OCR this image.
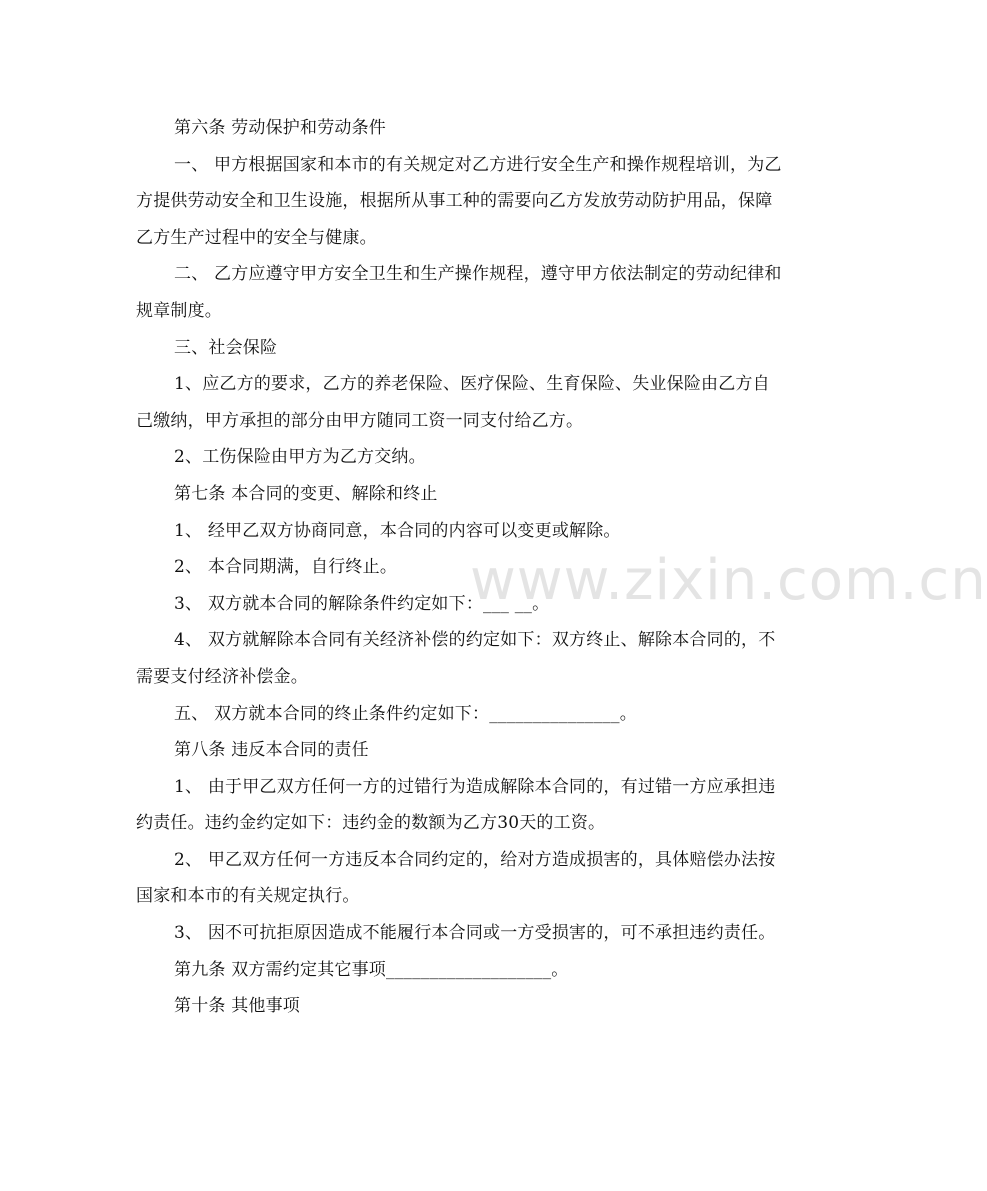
www.zixin.com.cn

第六条 劳动保护和劳动条件

一、 甲方根据国家和本市的有关规定对乙方进行安全生产和操作规程培训，为乙方提供劳动安全和卫生设施，根据所从事工种的需要向乙方发放劳动防护用品，保障乙方生产过程中的安全与健康。

二、 乙方应遵守甲方安全卫生和生产操作规程，遵守甲方依法制定的劳动纪律和规章制度。

三、社会保险

1、应乙方的要求，乙方的养老保险、医疗保险、生育保险、失业保险由乙方自己缴纳，甲方承担的部分由甲方随同工资一同支付给乙方。

2、工伤保险由甲方为乙方交纳。

第七条 本合同的变更、解除和终止

1、 经甲乙双方协商同意，本合同的内容可以变更或解除。

2、 本合同期满，自行终止。

3、 双方就本合同的解除条件约定如下：___ __。

4、 双方就解除本合同有关经济补偿的约定如下：双方终止、解除本合同的，不需要支付经济补偿金。

五、 双方就本合同的终止条件约定如下：_______________。

第八条 违反本合同的责任

1、 由于甲乙双方任何一方的过错行为造成解除本合同的，有过错一方应承担违约责任。违约金约定如下：违约金的数额为乙方30天的工资。

2、 甲乙双方任何一方违反本合同约定的，给对方造成损害的，具体赔偿办法按国家和本市的有关规定执行。

3、 因不可抗拒原因造成不能履行本合同或一方受损害的，可不承担违约责任。

第九条 双方需约定其它事项___________________。

第十条 其他事项
